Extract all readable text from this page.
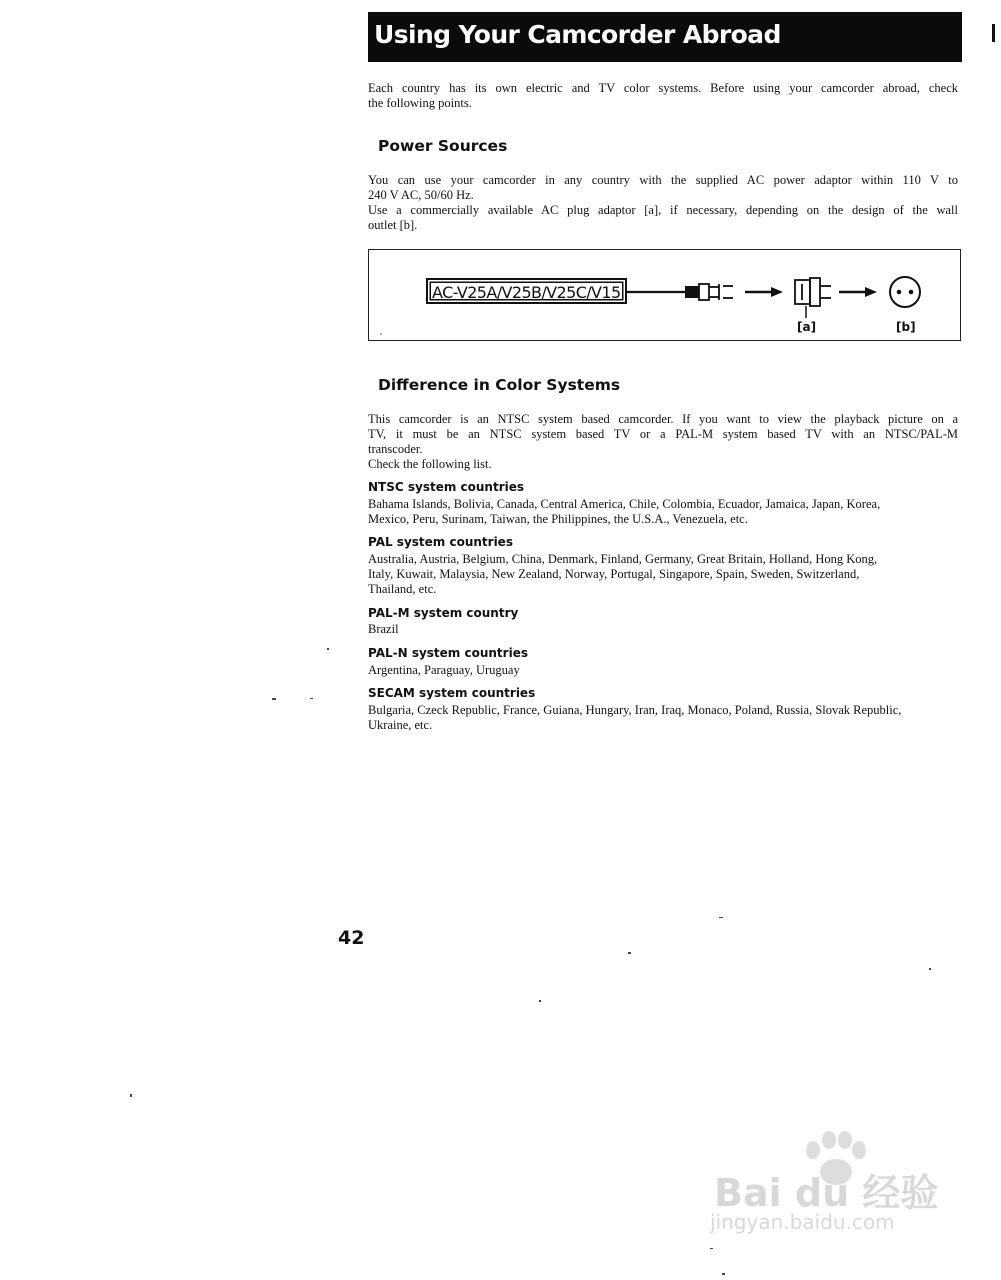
Using Your Camcorder Abroad
Each country has its own electric and TV color systems. Before using your camcorder abroad, check
the following points.
Power Sources
You can use your camcorder in any country with the supplied AC power adaptor within 110 V to
240 V AC, 50/60 Hz.
Use a commercially available AC plug adaptor [a], if necessary, depending on the design of the wall
outlet [b].
AC-V25A/V25B/V25C/V15
[a]	[b]
Difference in Color Systems
This camcorder is an NTSC system based camcorder. If you want to view the playback picture on a
TV, it must be an NTSC system based TV or a PAL-M system based TV with an NTSC/PAL-M
transcoder.
Check the following list.
NTSC system countries
Bahama Islands, Bolivia, Canada, Central America, Chile, Colombia, Ecuador, Jamaica, Japan, Korea,
Mexico, Peru, Surinam, Taiwan, the Philippines, the U.S.A., Venezuela, etc.
PAL system countries
Australia, Austria, Belgium, China, Denmark, Finland, Germany, Great Britain, Holland, Hong Kong,
Italy, Kuwait, Malaysia, New Zealand, Norway, Portugal, Singapore, Spain, Sweden, Switzerland,
Thailand, etc.
PAL-M system country
Brazil
PAL-N system countries
Argentina, Paraguay, Uruguay
SECAM system countries
Bulgaria, Czeck Republic, France, Guiana, Hungary, Iran, Iraq, Monaco, Poland, Russia, Slovak Republic,
Ukraine, etc.
42
Bai du 经验
jingyan.baidu.com
